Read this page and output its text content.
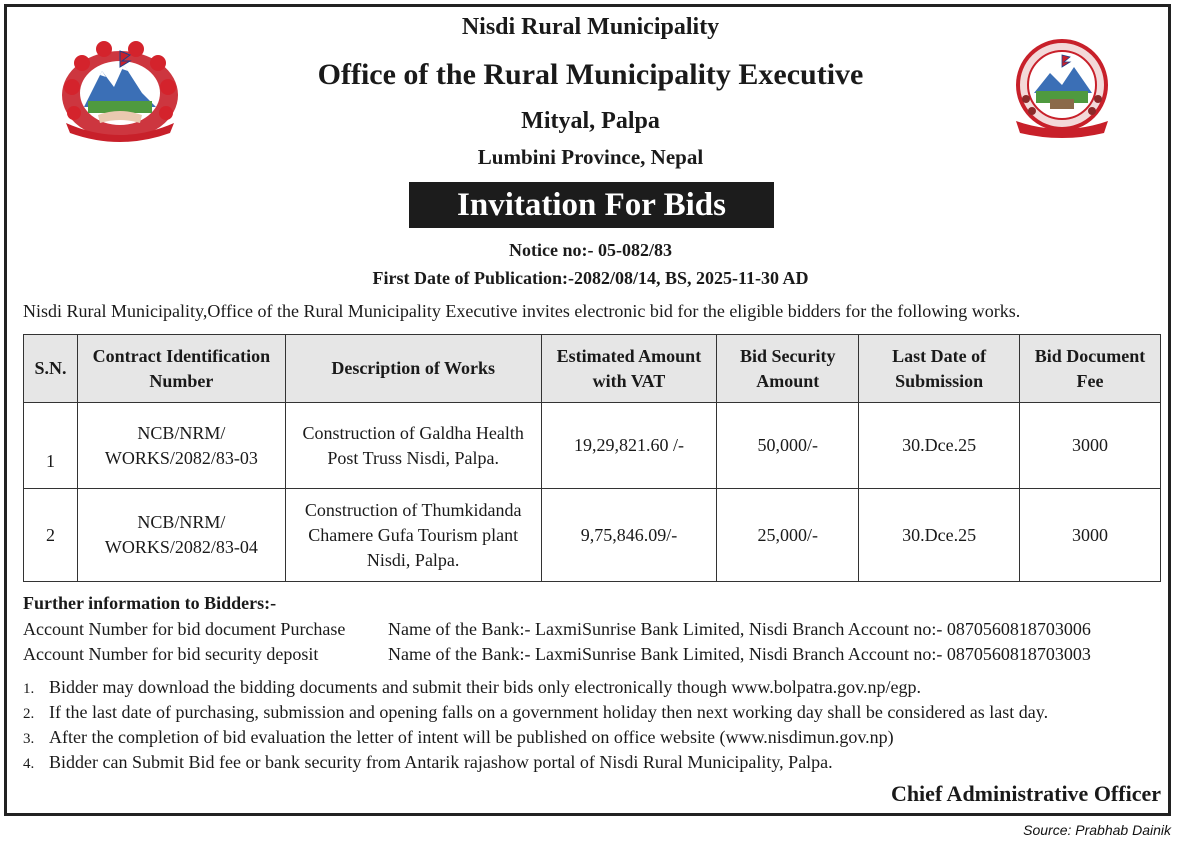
Nisdi Rural Municipality
Office of the Rural Municipality Executive
Mityal, Palpa
Lumbini Province, Nepal
Invitation For Bids
Notice no:- 05-082/83
First Date of Publication:-2082/08/14, BS, 2025-11-30 AD
Nisdi Rural Municipality,Office of the Rural Municipality Executive invites electronic bid for the eligible bidders for the following works.
S.N.	Contract Identification Number	Description of Works	Estimated Amount with VAT	Bid Security Amount	Last Date of Submission	Bid Document Fee
1	NCB/NRM/ WORKS/2082/83-03	Construction of Galdha Health Post Truss Nisdi, Palpa.	19,29,821.60 /-	50,000/-	30.Dce.25	3000
2	NCB/NRM/ WORKS/2082/83-04	Construction of Thumkidanda Chamere Gufa Tourism plant Nisdi, Palpa.	9,75,846.09/-	25,000/-	30.Dce.25	3000
Further information to Bidders:-
Account Number for bid document Purchase Name of the Bank:- LaxmiSunrise Bank Limited, Nisdi Branch Account no:- 0870560818703006
Account Number for bid security deposit	Name of the Bank:- LaxmiSunrise Bank Limited, Nisdi Branch Account no:- 0870560818703003
1. Bidder may download the bidding documents and submit their bids only electronically though www.bolpatra.gov.np/egp.
2. If the last date of purchasing, submission and opening falls on a government holiday then next working day shall be considered as last day.
3. After the completion of bid evaluation the letter of intent will be published on office website (www.nisdimun.gov.np)
4. Bidder can Submit Bid fee or bank security from Antarik rajashow portal of Nisdi Rural Municipality, Palpa.
Chief Administrative Officer
Source: Prabhab Dainik
